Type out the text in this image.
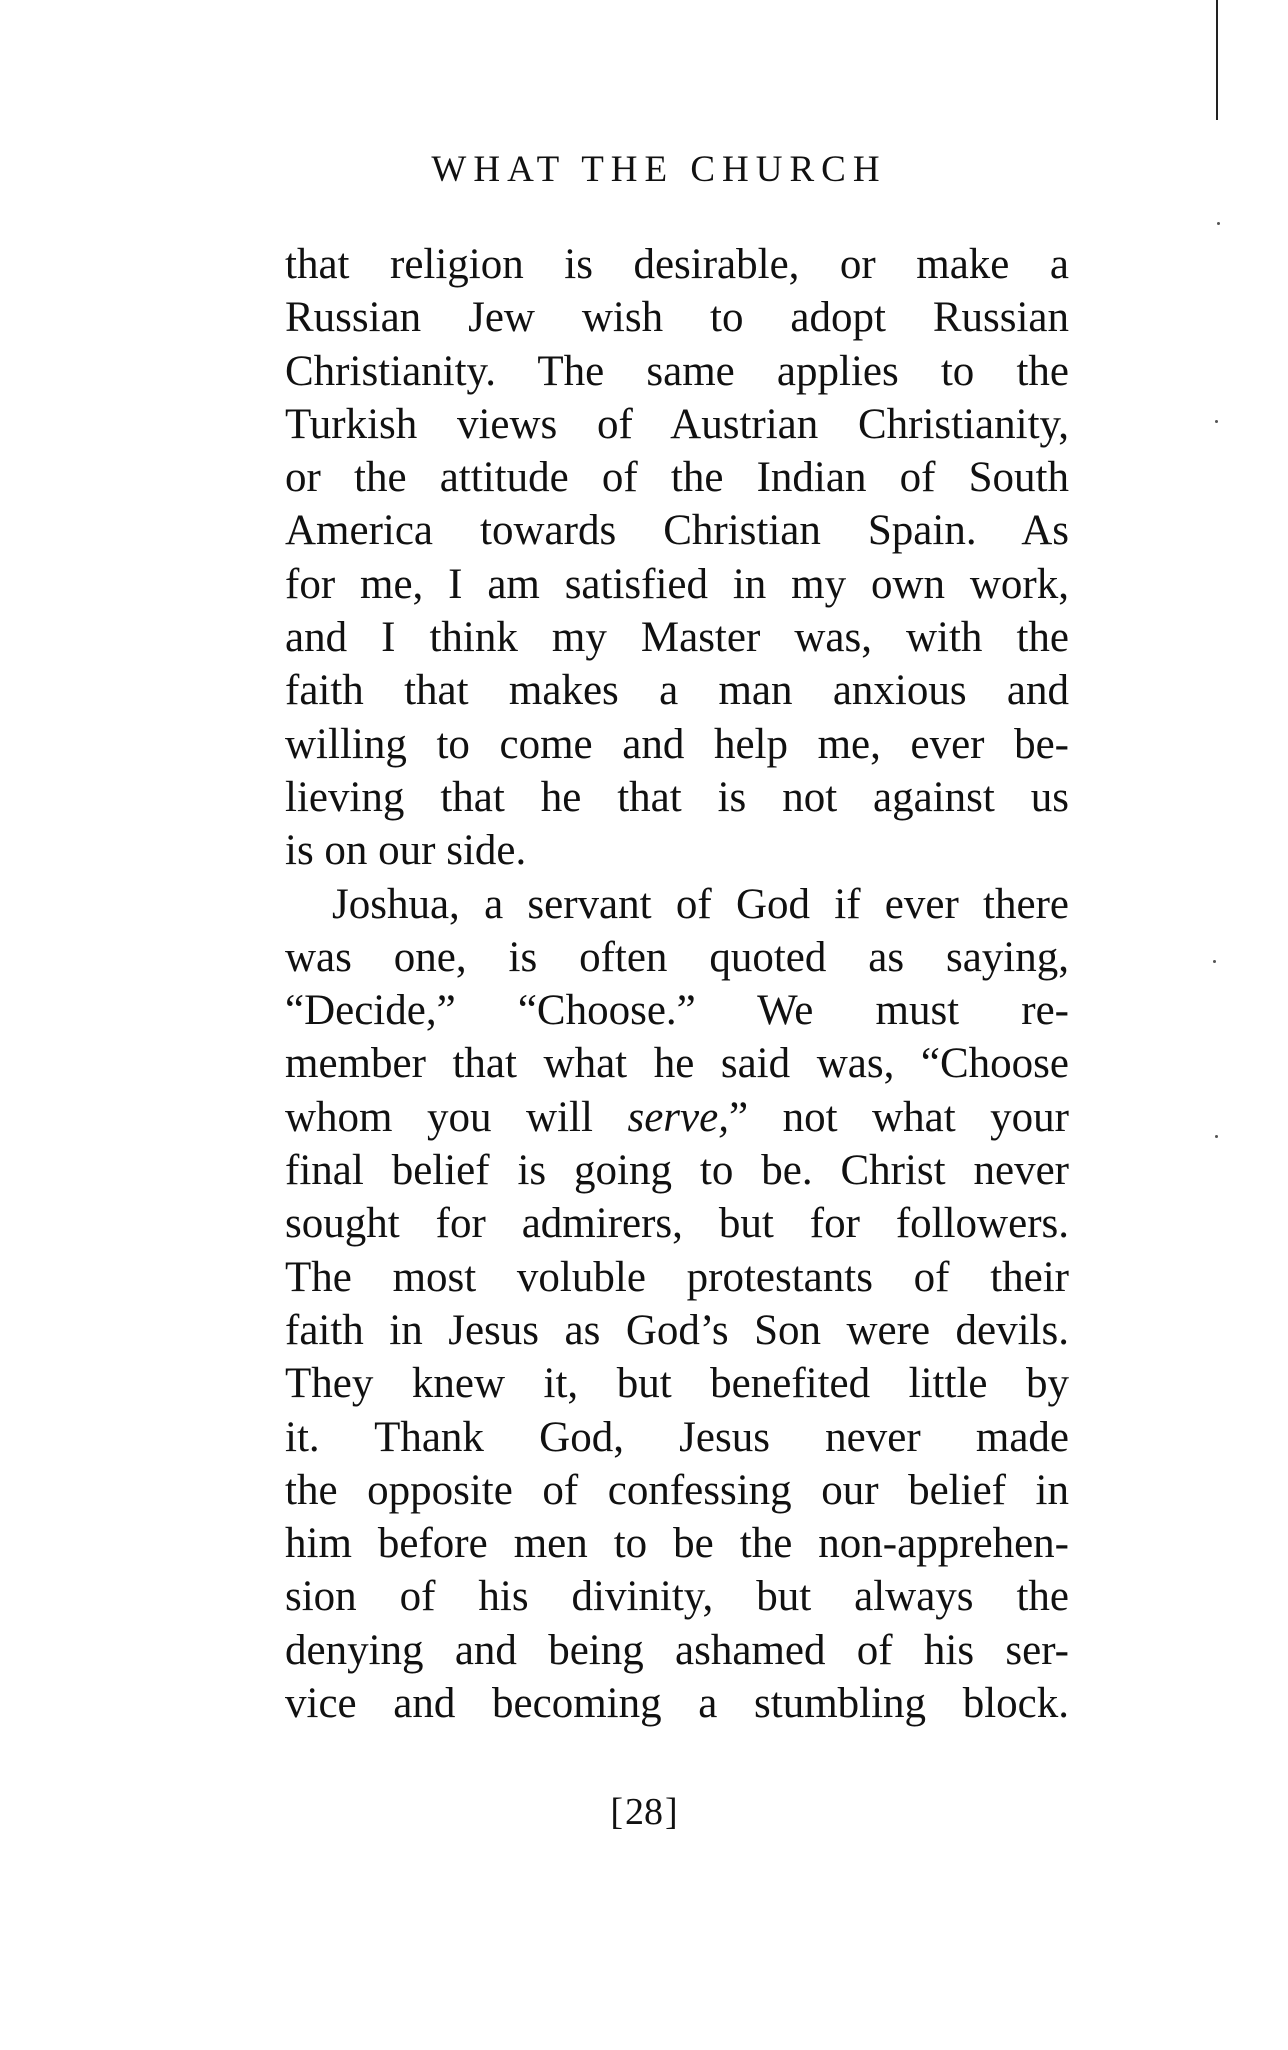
WHAT THE CHURCH
that religion is desirable, or make a
Russian Jew wish to adopt Russian
Christianity. The same applies to the
Turkish views of Austrian Christianity,
or the attitude of the Indian of South
America towards Christian Spain. As
for me, I am satisfied in my own work,
and I think my Master was, with the
faith that makes a man anxious and
willing to come and help me, ever be-
lieving that he that is not against us
is on our side.
Joshua, a servant of God if ever there
was one, is often quoted as saying,
“Decide,” “Choose.” We must re-
member that what he said was, “Choose
whom you will serve,” not what your
final belief is going to be. Christ never
sought for admirers, but for followers.
The most voluble protestants of their
faith in Jesus as God’s Son were devils.
They knew it, but benefited little by
it. Thank God, Jesus never made
the opposite of confessing our belief in
him before men to be the non-apprehen-
sion of his divinity, but always the
denying and being ashamed of his ser-
vice and becoming a stumbling block.
[28]
